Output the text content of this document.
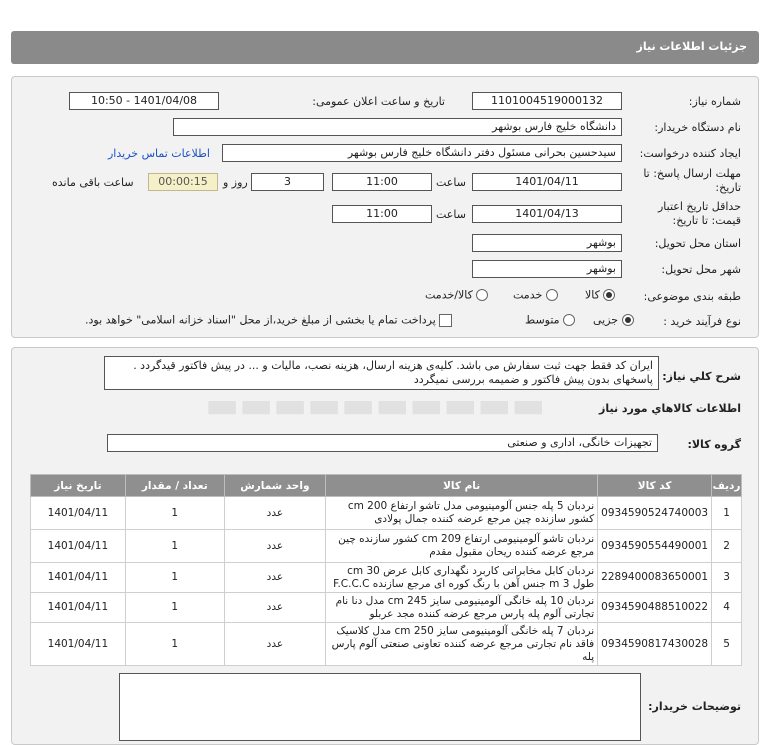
جزئیات اطلاعات نیاز
شماره نیاز:
1101004519000132
تاریخ و ساعت اعلان عمومی:
1401/04/08 - 10:50
نام دستگاه خریدار:
دانشگاه خلیج فارس بوشهر
ایجاد کننده درخواست:
سیدحسین بحرانی مسئول دفتر دانشگاه خلیج فارس بوشهر
اطلاعات تماس خریدار
مهلت ارسال پاسخ: تا
تاریخ:
1401/04/11
ساعت
11:00
3
روز و
00:00:15
ساعت باقی مانده
حداقل تاریخ اعتبار
قیمت: تا تاریخ:
1401/04/13
ساعت
11:00
استان محل تحویل:
بوشهر
شهر محل تحویل:
بوشهر
طبقه بندی موضوعی:
کالا
خدمت
کالا/خدمت
نوع فرآیند خرید :
جزیی
متوسط
پرداخت تمام یا بخشی از مبلغ خرید،از محل "اسناد خزانه اسلامی" خواهد بود.
شرح کلي نياز:
ایران کد فقط جهت ثبت سفارش می باشد. کلیه‌ی هزینه ارسال، هزینه نصب، مالیات و ... در پیش فاکتور قیدگردد . پاسخهای بدون پیش فاکتور و ضمیمه بررسی نمیگردد
اطلاعات کالاهاي مورد نياز
گروه کالا:
تجهیزات خانگی، اداری و صنعتی
ردیف	کد کالا	نام کالا	واحد شمارش	تعداد / مقدار	تاریخ نیاز
1	0934590524740003	نردبان 5 پله جنس آلومینیومی مدل تاشو ارتفاع 200 cm کشور سازنده چین مرجع عرضه کننده جمال پولادی	عدد	1	1401/04/11
2	0934590554490001	نردبان تاشو آلومینیومی ارتفاع 209 cm کشور سازنده چین مرجع عرضه کننده ریحان مقبول مقدم	عدد	1	1401/04/11
3	2289400083650001	نردبان کابل مخابراتی کاربرد نگهداری کابل عرض 30 cm طول 3 m جنس آهن با رنگ کوره ای مرجع سازنده F.C.C.C	عدد	1	1401/04/11
4	0934590488510022	نردبان 10 پله خانگی آلومینیومی سایز 245 cm مدل دنا نام تجارتی آلوم پله پارس مرجع عرضه کننده مجد عربلو	عدد	1	1401/04/11
5	0934590817430028	نردبان 7 پله خانگی آلومینیومی سایز 250 cm مدل کلاسیک فاقد نام تجارتی مرجع عرضه کننده تعاونی صنعتی آلوم پارس پله	عدد	1	1401/04/11
توضیحات خریدار:
